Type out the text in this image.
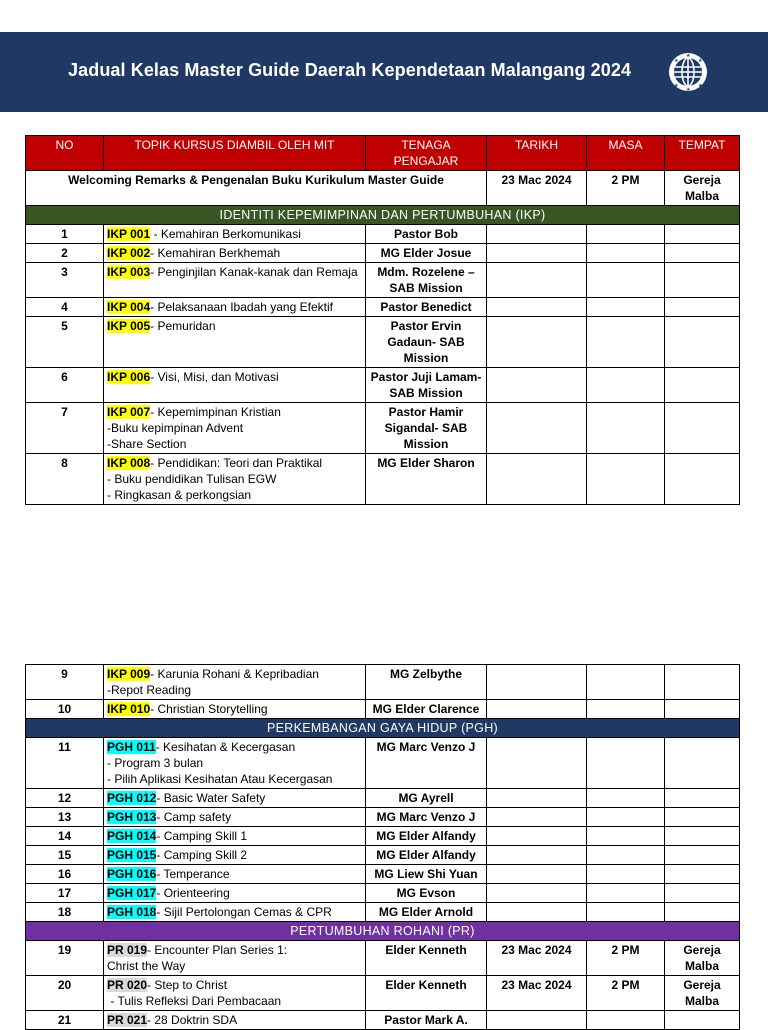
Jadual Kelas Master Guide Daerah Kependetaan Malangang 2024
★
★	★
★	★
★
NO	TOPIK KURSUS DIAMBIL OLEH MIT	TENAGA PENGAJAR	TARIKH	MASA	TEMPAT
Welcoming Remarks & Pengenalan Buku Kurikulum Master Guide			23 Mac 2024	2 PM	Gereja Malba
IDENTITI KEPEMIMPINAN DAN PERTUMBUHAN (IKP)					
1	IKP 001 - Kemahiran Berkomunikasi	Pastor Bob			
2	IKP 002- Kemahiran Berkhemah	MG Elder Josue			
3	IKP 003- Penginjilan Kanak-kanak dan Remaja	Mdm. Rozelene – SAB Mission			
4	IKP 004- Pelaksanaan Ibadah yang Efektif	Pastor Benedict			
5	IKP 005- Pemuridan	Pastor Ervin Gadaun- SAB Mission			
6	IKP 006- Visi, Misi, dan Motivasi	Pastor Juji Lamam- SAB Mission			
7	IKP 007- Kepemimpinan Kristian
-Buku kepimpinan Advent
-Share Section	Pastor Hamir Sigandal- SAB Mission			
8	IKP 008- Pendidikan: Teori dan Praktikal
- Buku pendidikan Tulisan EGW
- Ringkasan & perkongsian	MG Elder Sharon			
9	IKP 009- Karunia Rohani & Kepribadian
-Repot Reading	MG Zelbythe			
10	IKP 010- Christian Storytelling	MG Elder Clarence			
PERKEMBANGAN GAYA HIDUP (PGH)					
11	PGH 011- Kesihatan & Kecergasan
- Program 3 bulan
- Pilih Aplikasi Kesihatan Atau Kecergasan	MG Marc Venzo J			
12	PGH 012- Basic Water Safety	MG Ayrell			
13	PGH 013- Camp safety	MG Marc Venzo J			
14	PGH 014- Camping Skill 1	MG Elder Alfandy			
15	PGH 015- Camping Skill 2	MG Elder Alfandy			
16	PGH 016- Temperance	MG Liew Shi Yuan			
17	PGH 017- Orienteering	MG Evson			
18	PGH 018- Sijil Pertolongan Cemas & CPR	MG Elder Arnold			
PERTUMBUHAN ROHANI (PR)					
19	PR 019- Encounter Plan Series 1:
Christ the Way	Elder Kenneth	23 Mac 2024	2 PM	Gereja Malba
20	PR 020- Step to Christ
- Tulis Refleksi Dari Pembacaan	Elder Kenneth	23 Mac 2024	2 PM	Gereja Malba
21	PR 021- 28 Doktrin SDA	Pastor Mark A.			
